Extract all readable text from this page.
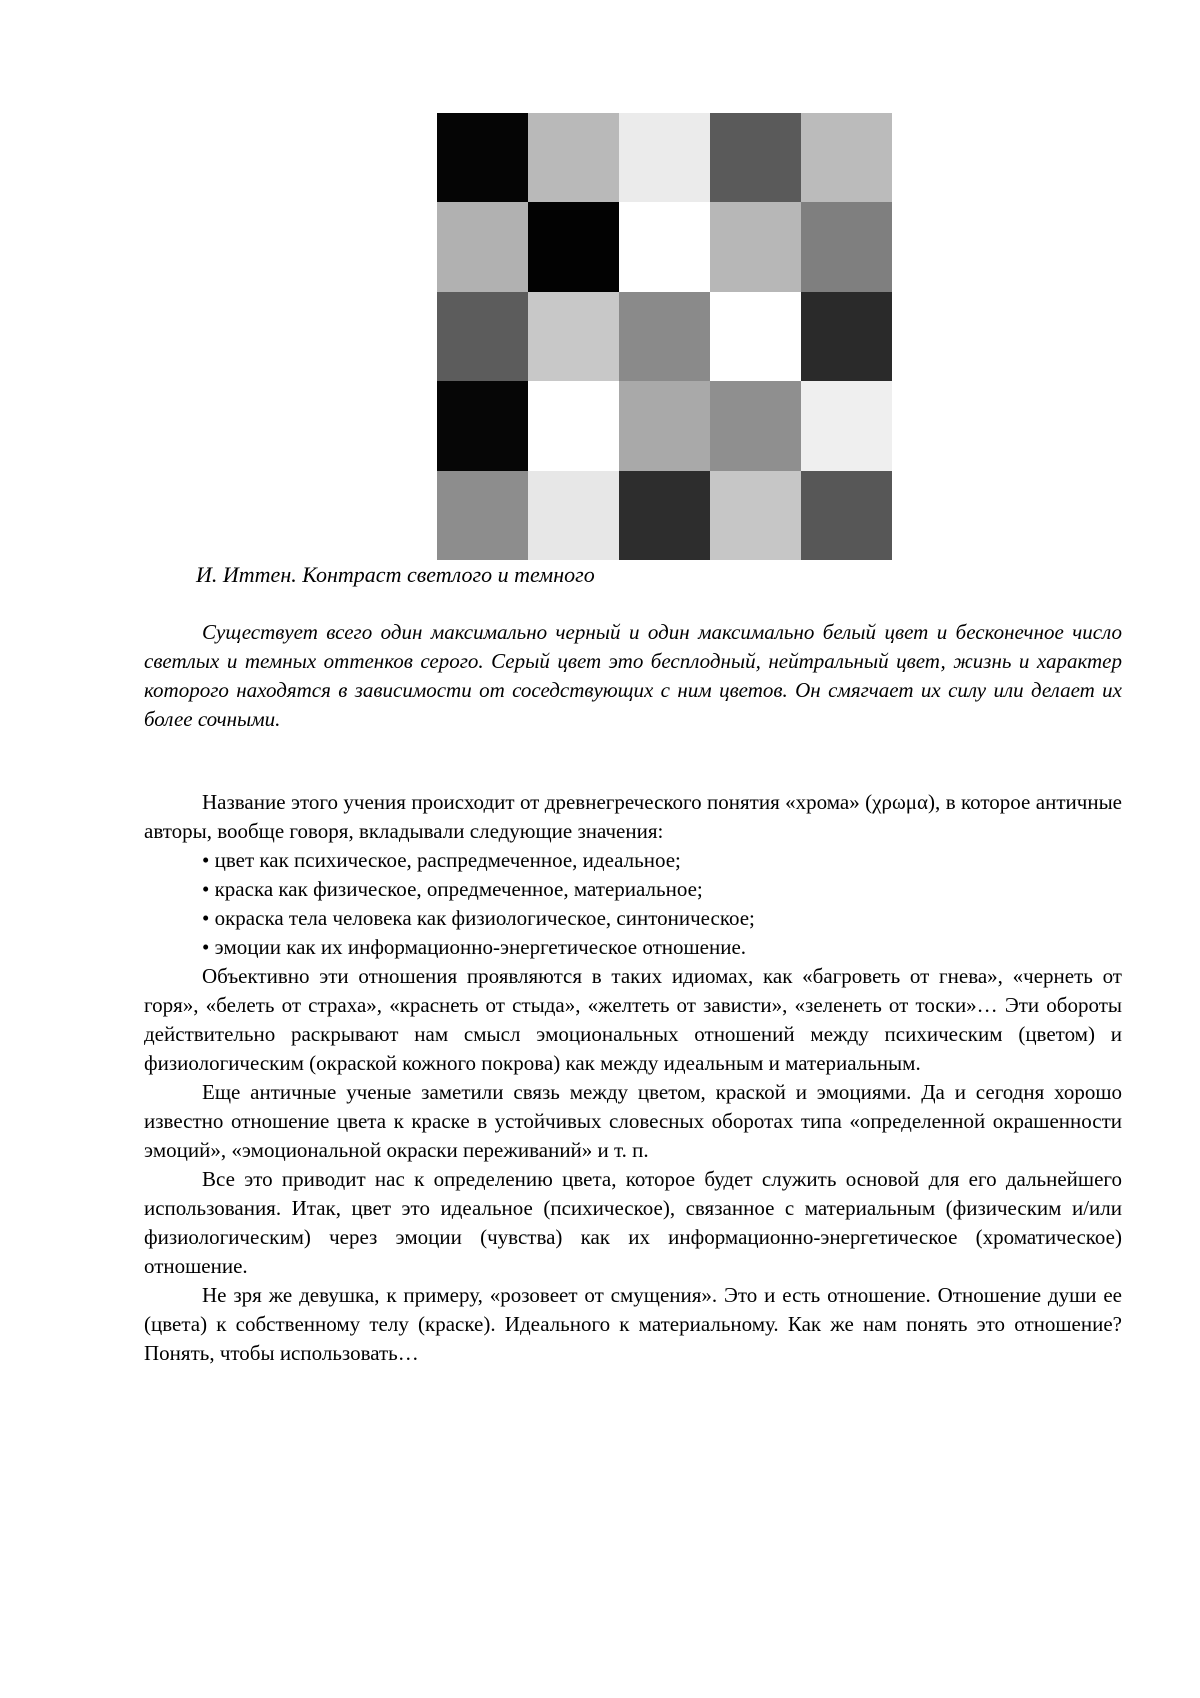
И. Иттен. Контраст светлого и темного

Существует всего один максимально черный и один максимально белый цвет и бесконечное число светлых и темных оттенков серого. Серый цвет это бесплодный, нейтральный цвет, жизнь и характер которого находятся в зависимости от соседствующих с ним цветов. Он смягчает их силу или делает их более сочными.

Название этого учения происходит от древнегреческого понятия «хрома» (χρωμα), в которое античные авторы, вообще говоря, вкладывали следующие значения:

• цвет как психическое, распредмеченное, идеальное;
• краска как физическое, опредмеченное, материальное;
• окраска тела человека как физиологическое, синтоническое;
• эмоции как их информационно-энергетическое отношение.

Объективно эти отношения проявляются в таких идиомах, как «багроветь от гнева», «чернеть от горя», «белеть от страха», «краснеть от стыда», «желтеть от зависти», «зеленеть от тоски»… Эти обороты действительно раскрывают нам смысл эмоциональных отношений между психическим (цветом) и физиологическим (окраской кожного покрова) как между идеальным и материальным.

Еще античные ученые заметили связь между цветом, краской и эмоциями. Да и сегодня хорошо известно отношение цвета к краске в устойчивых словесных оборотах типа «определенной окрашенности эмоций», «эмоциональной окраски переживаний» и т. п.

Все это приводит нас к определению цвета, которое будет служить основой для его дальнейшего использования. Итак, цвет это идеальное (психическое), связанное с материальным (физическим и/или физиологическим) через эмоции (чувства) как их информационно-энергетическое (хроматическое) отношение.

Не зря же девушка, к примеру, «розовеет от смущения». Это и есть отношение. Отношение души ее (цвета) к собственному телу (краске). Идеального к материальному. Как же нам понять это отношение? Понять, чтобы использовать…
